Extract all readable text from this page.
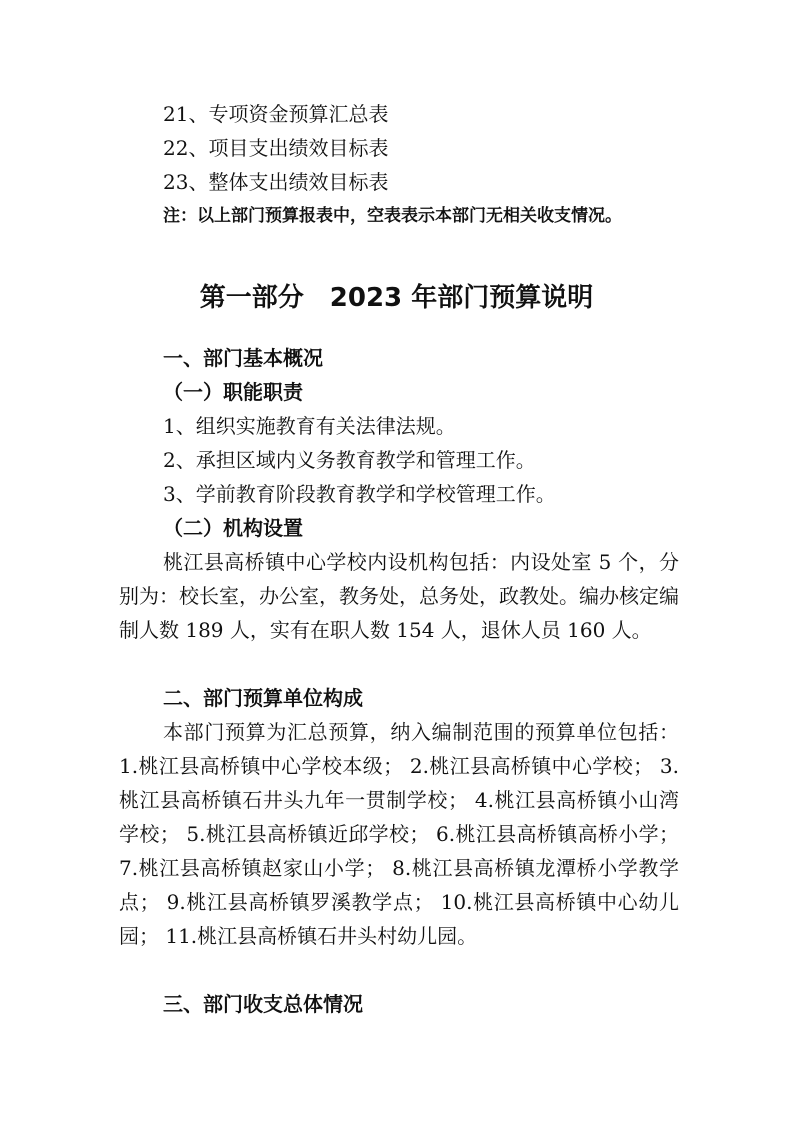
21、专项资金预算汇总表
22、项目支出绩效目标表
23、整体支出绩效目标表
注：以上部门预算报表中，空表表示本部门无相关收支情况。
第一部分　2023 年部门预算说明
一、部门基本概况
（一）职能职责
1、组织实施教育有关法律法规。
2、承担区域内义务教育教学和管理工作。
3、学前教育阶段教育教学和学校管理工作。
（二）机构设置
桃江县高桥镇中心学校内设机构包括：内设处室 5 个，分别为：校长室，办公室，教务处，总务处，政教处。编办核定编制人数 189 人，实有在职人数 154 人，退休人员 160 人。
二、部门预算单位构成
本部门预算为汇总预算，纳入编制范围的预算单位包括：1.桃江县高桥镇中心学校本级； 2.桃江县高桥镇中心学校； 3.桃江县高桥镇石井头九年一贯制学校； 4.桃江县高桥镇小山湾学校； 5.桃江县高桥镇近邱学校； 6.桃江县高桥镇高桥小学； 7.桃江县高桥镇赵家山小学； 8.桃江县高桥镇龙潭桥小学教学点； 9.桃江县高桥镇罗溪教学点； 10.桃江县高桥镇中心幼儿园； 11.桃江县高桥镇石井头村幼儿园。
三、部门收支总体情况
